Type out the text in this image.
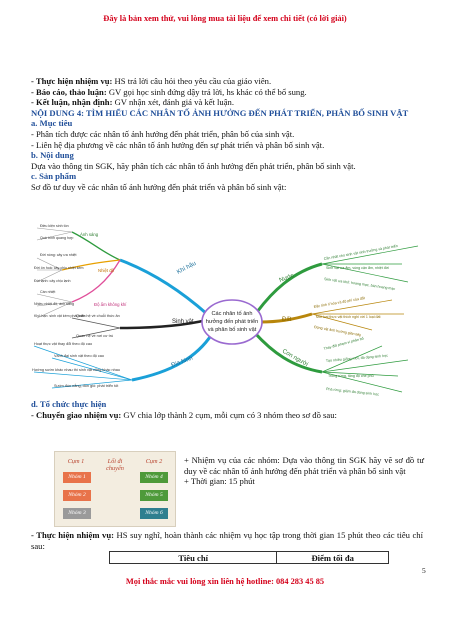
Đây là bản xem thử, vui lòng mua tài liệu để xem chi tiết (có lời giải)

- Thực hiện nhiệm vụ: HS trả lời câu hỏi theo yêu cầu của giáo viên.

- Báo cáo, thảo luận: GV gọi học sinh đứng dậy trả lời, hs khác có thể bổ sung.

- Kết luận, nhận định: GV nhận xét, đánh giá và kết luận.

NỘI DUNG 4: TÌM HIỂU CÁC NHÂN TỐ ẢNH HƯỞNG ĐẾN PHÁT TRIỂN, PHÂN BỐ SINH VẬT

a. Mục tiêu

- Phân tích được các nhân tố ảnh hưởng đến phát triển, phân bố của sinh vật.

- Liên hệ địa phương về các nhân tố ảnh hưởng đến sự phát triển và phân bố sinh vật.

b. Nội dung

Dựa vào thông tin SGK, hãy phân tích các nhân tố ảnh hưởng đến phát triển, phân bố sinh vật.

c. Sản phẩm

Sơ đồ tư duy về các nhân tố ảnh hưởng đến phát triển và phân bố sinh vật:

Các nhân tố ảnh
hưởng đến phát triển
và phân bố sinh vật
Khí hậu
Sinh vật
Địa hình
Nước
Đất
Con người
Ánh sáng
Nhiệt độ
Độ ẩm không khí
Điều kiện sinh tồn
Quá trình quang hợp
Đới nóng: cây ưa nhiệt
Đới ôn hoà: cây chịu nhiệt kém
Đới lạnh: cây chịu lạnh
Cần nhiệt
Nhiều nhiệt độ, ánh sáng
Khô hạn: sinh vật kém phát triển
Quan hệ về chuỗi thức ăn
Quan hệ về nơi cư trú
Hoạt thực vật thay đổi theo độ cao
Vành đai sinh vật theo độ cao
Hướng sườn khác nhau thì sinh vật cũng khác nhau
Sườn đón nắng, đón gió: phát triển tốt
Cần nhất cho sinh vật sinh trưởng và phát triển
Sinh vật ưa ẩm, vùng cận ẩm, nhiệt đới
Sinh vật ưa khô: hoang mạc, bán hoang mạc
Đặc tính lí hóa và độ phì của đất
Mỗi loại thực vật thích nghi với 1 loại đất
Động vật ảnh hưởng gián tiếp
Thay đổi phạm vi phân bố
Tạo nhiều giống mới, đa dạng sinh học
Trồng rừng, tăng độ che phủ
Phá rừng: giảm đa dạng sinh học

d. Tổ chức thực hiện

- Chuyển giao nhiệm vụ: GV chia lớp thành 2 cụm, mỗi cụm có 3 nhóm theo sơ đồ sau:

Cụm 1	Lối đi
chuyển
Cụm 2
Nhóm 1
Nhóm 2
Nhóm 3
Nhóm 4
Nhóm 5
Nhóm 6

+ Nhiệm vụ của các nhóm: Dựa vào thông tin SGK hãy vẽ sơ đồ tư duy về các nhân tố ảnh hưởng đến phát triển và phân bố sinh vật

+ Thời gian: 15 phút

- Thực hiện nhiệm vụ: HS suy nghĩ, hoàn thành các nhiệm vụ học tập trong thời gian 15 phút theo các tiêu chí sau:

Tiêu chí	Điểm tối đa
5
Mọi thắc mắc vui lòng xin liên hệ hotline: 084 283 45 85
